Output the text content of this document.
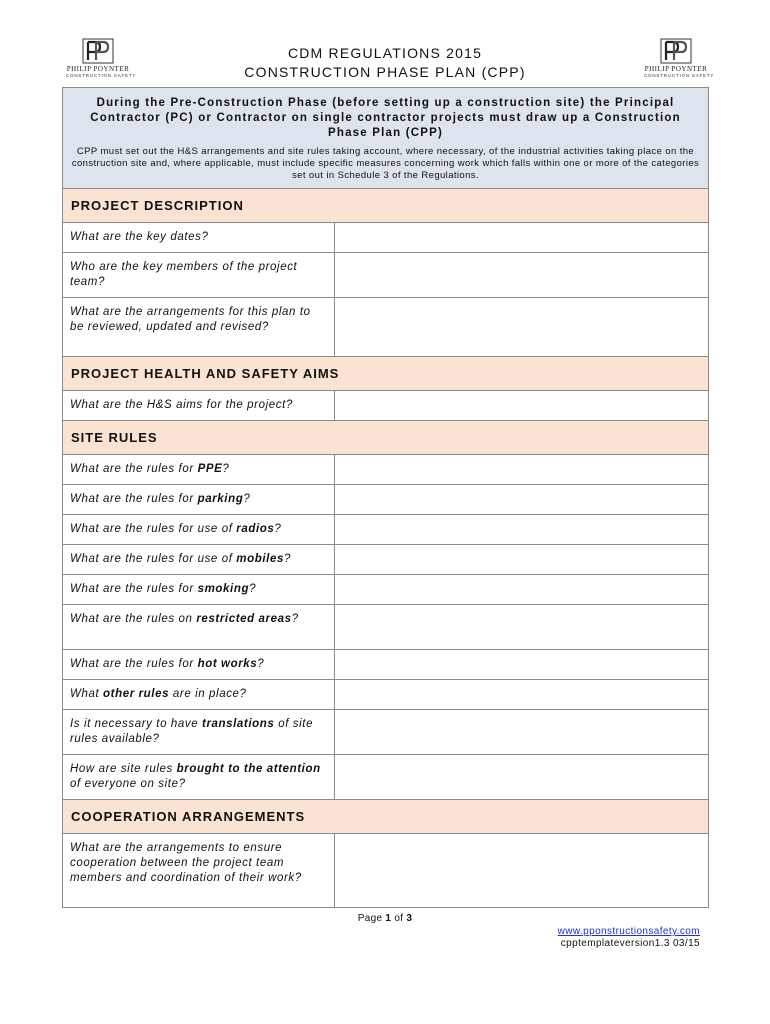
PHILIP POYNTER
CONSTRUCTION SAFETY
PHILIP POYNTER
CONSTRUCTION SAFETY
CDM REGULATIONS 2015
CONSTRUCTION PHASE PLAN (CPP)
During the Pre-Construction Phase (before setting up a construction site) the Principal Contractor (PC) or Contractor on single contractor projects must draw up a Construction Phase Plan (CPP)
CPP must set out the H&S arrangements and site rules taking account, where necessary, of the industrial activities taking place on the construction site and, where applicable, must include specific measures concerning work which falls within one or more of the categories set out in Schedule 3 of the Regulations.	

PROJECT DESCRIPTION	
What are the key dates?	
Who are the key members of the project team?	
What are the arrangements for this plan to be reviewed, updated and revised?	
PROJECT HEALTH AND SAFETY AIMS	
What are the H&S aims for the project?	
SITE RULES	
What are the rules for PPE?	
What are the rules for parking?	
What are the rules for use of radios?	
What are the rules for use of mobiles?	
What are the rules for smoking?	
What are the rules on restricted areas?	
What are the rules for hot works?	
What other rules are in place?	
Is it necessary to have translations of site rules available?	
How are site rules brought to the attention of everyone on site?	
COOPERATION ARRANGEMENTS	
What are the arrangements to ensure cooperation between the project team members and coordination of their work?	
Page 1 of 3
www.pponstructionsafety.com
cpptemplateversion1.3 03/15
